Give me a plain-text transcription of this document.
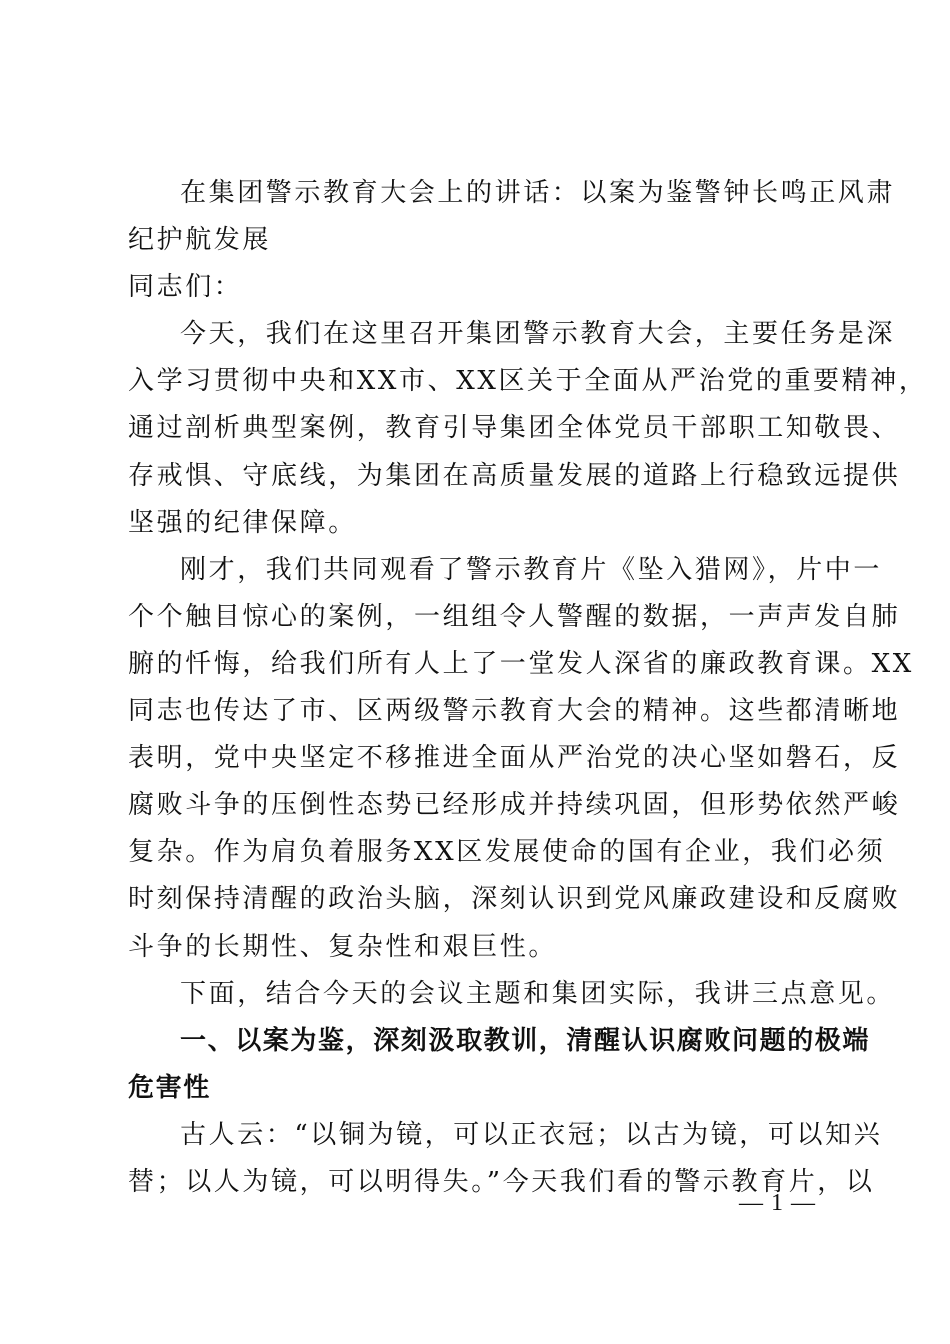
在集团警示教育大会上的讲话：以案为鉴警钟长鸣正风肃
纪护航发展
同志们：
今天，我们在这里召开集团警示教育大会，主要任务是深
入学习贯彻中央和XX市、XX区关于全面从严治党的重要精神，
通过剖析典型案例，教育引导集团全体党员干部职工知敬畏、
存戒惧、守底线，为集团在高质量发展的道路上行稳致远提供
坚强的纪律保障。
刚才，我们共同观看了警示教育片《坠入猎网》，片中一
个个触目惊心的案例，一组组令人警醒的数据，一声声发自肺
腑的忏悔，给我们所有人上了一堂发人深省的廉政教育课。XX
同志也传达了市、区两级警示教育大会的精神。这些都清晰地
表明，党中央坚定不移推进全面从严治党的决心坚如磐石，反
腐败斗争的压倒性态势已经形成并持续巩固，但形势依然严峻
复杂。作为肩负着服务XX区发展使命的国有企业，我们必须
时刻保持清醒的政治头脑，深刻认识到党风廉政建设和反腐败
斗争的长期性、复杂性和艰巨性。
下面，结合今天的会议主题和集团实际，我讲三点意见。
一、以案为鉴，深刻汲取教训，清醒认识腐败问题的极端
危害性
古人云：“以铜为镜，可以正衣冠；以古为镜，可以知兴
替；以人为镜，可以明得失。”今天我们看的警示教育片，以
— 1 —
